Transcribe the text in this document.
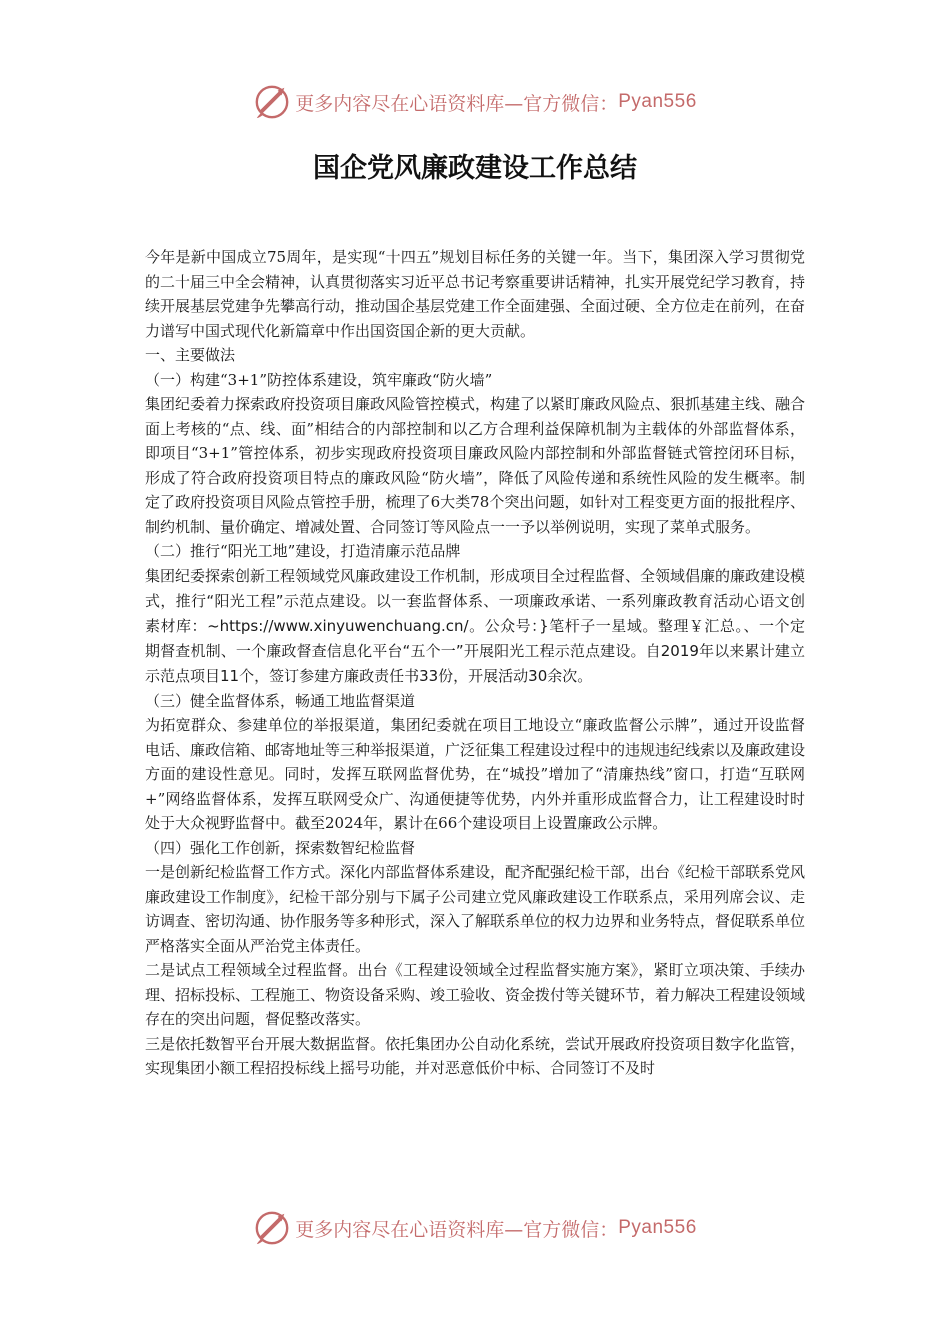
更多内容尽在心语资料库—官方微信： Pyan556
国企党风廉政建设工作总结

今年是新中国成立75周年，是实现“十四五”规划目标任务的关键一年。当下，集团深入学习贯彻党的二十届三中全会精神，认真贯彻落实习近平总书记考察重要讲话精神，扎实开展党纪学习教育，持续开展基层党建争先攀高行动，推动国企基层党建工作全面建强、全面过硬、全方位走在前列，在奋力谱写中国式现代化新篇章中作出国资国企新的更大贡献。

一、主要做法

（一）构建“3+1”防控体系建设，筑牢廉政“防火墙”

集团纪委着力探索政府投资项目廉政风险管控模式，构建了以紧盯廉政风险点、狠抓基建主线、融合面上考核的“点、线、面”相结合的内部控制和以乙方合理利益保障机制为主载体的外部监督体系，即项目“3+1”管控体系，初步实现政府投资项目廉政风险内部控制和外部监督链式管控闭环目标，形成了符合政府投资项目特点的廉政风险“防火墙”，降低了风险传递和系统性风险的发生概率。制定了政府投资项目风险点管控手册，梳理了6大类78个突出问题，如针对工程变更方面的报批程序、制约机制、量价确定、增减处置、合同签订等风险点一一予以举例说明，实现了菜单式服务。

（二）推行“阳光工地”建设，打造清廉示范品牌

集团纪委探索创新工程领域党风廉政建设工作机制，形成项目全过程监督、全领域倡廉的廉政建设模式，推行“阳光工程”示范点建设。以一套监督体系、一项廉政承诺、一系列廉政教育活动心语文创素材库：~https://www.xinyuwenchuang.cn/。公众号：}笔杆子一星域。整理￥汇总。、一个定期督查机制、一个廉政督查信息化平台“五个一”开展阳光工程示范点建设。自2019年以来累计建立示范点项目11个，签订参建方廉政责任书33份，开展活动30余次。

（三）健全监督体系，畅通工地监督渠道

为拓宽群众、参建单位的举报渠道，集团纪委就在项目工地设立“廉政监督公示牌”，通过开设监督电话、廉政信箱、邮寄地址等三种举报渠道，广泛征集工程建设过程中的违规违纪线索以及廉政建设方面的建设性意见。同时，发挥互联网监督优势，在“城投”增加了“清廉热线”窗口，打造“互联网+”网络监督体系，发挥互联网受众广、沟通便捷等优势，内外并重形成监督合力，让工程建设时时处于大众视野监督中。截至2024年，累计在66个建设项目上设置廉政公示牌。

（四）强化工作创新，探索数智纪检监督

一是创新纪检监督工作方式。深化内部监督体系建设，配齐配强纪检干部，出台《纪检干部联系党风廉政建设工作制度》，纪检干部分别与下属子公司建立党风廉政建设工作联系点，采用列席会议、走访调查、密切沟通、协作服务等多种形式，深入了解联系单位的权力边界和业务特点，督促联系单位严格落实全面从严治党主体责任。

二是试点工程领域全过程监督。出台《工程建设领域全过程监督实施方案》，紧盯立项决策、手续办理、招标投标、工程施工、物资设备采购、竣工验收、资金拨付等关键环节，着力解决工程建设领域存在的突出问题，督促整改落实。

三是依托数智平台开展大数据监督。依托集团办公自动化系统，尝试开展政府投资项目数字化监管，实现集团小额工程招投标线上摇号功能，并对恶意低价中标、合同签订不及时

更多内容尽在心语资料库—官方微信： Pyan556
